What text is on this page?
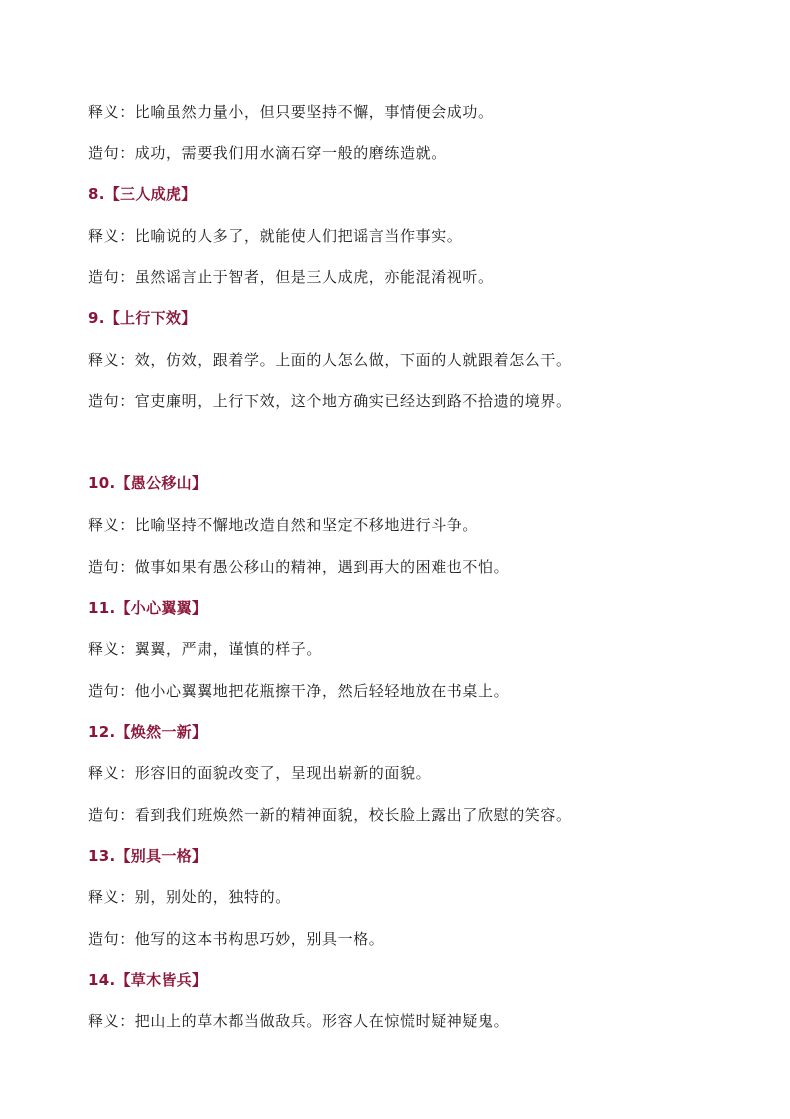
释义：比喻虽然力量小，但只要坚持不懈，事情便会成功。
造句：成功，需要我们用水滴石穿一般的磨练造就。
8.【三人成虎】
释义：比喻说的人多了，就能使人们把谣言当作事实。
造句：虽然谣言止于智者，但是三人成虎，亦能混淆视听。
9.【上行下效】
释义：效，仿效，跟着学。上面的人怎么做，下面的人就跟着怎么干。
造句：官吏廉明，上行下效，这个地方确实已经达到路不拾遗的境界。
10.【愚公移山】
释义：比喻坚持不懈地改造自然和坚定不移地进行斗争。
造句：做事如果有愚公移山的精神，遇到再大的困难也不怕。
11.【小心翼翼】
释义：翼翼，严肃，谨慎的样子。
造句：他小心翼翼地把花瓶擦干净，然后轻轻地放在书桌上。
12.【焕然一新】
释义：形容旧的面貌改变了，呈现出崭新的面貌。
造句：看到我们班焕然一新的精神面貌，校长脸上露出了欣慰的笑容。
13.【别具一格】
释义：别，别处的，独特的。
造句：他写的这本书构思巧妙，别具一格。
14.【草木皆兵】
释义：把山上的草木都当做敌兵。形容人在惊慌时疑神疑鬼。
